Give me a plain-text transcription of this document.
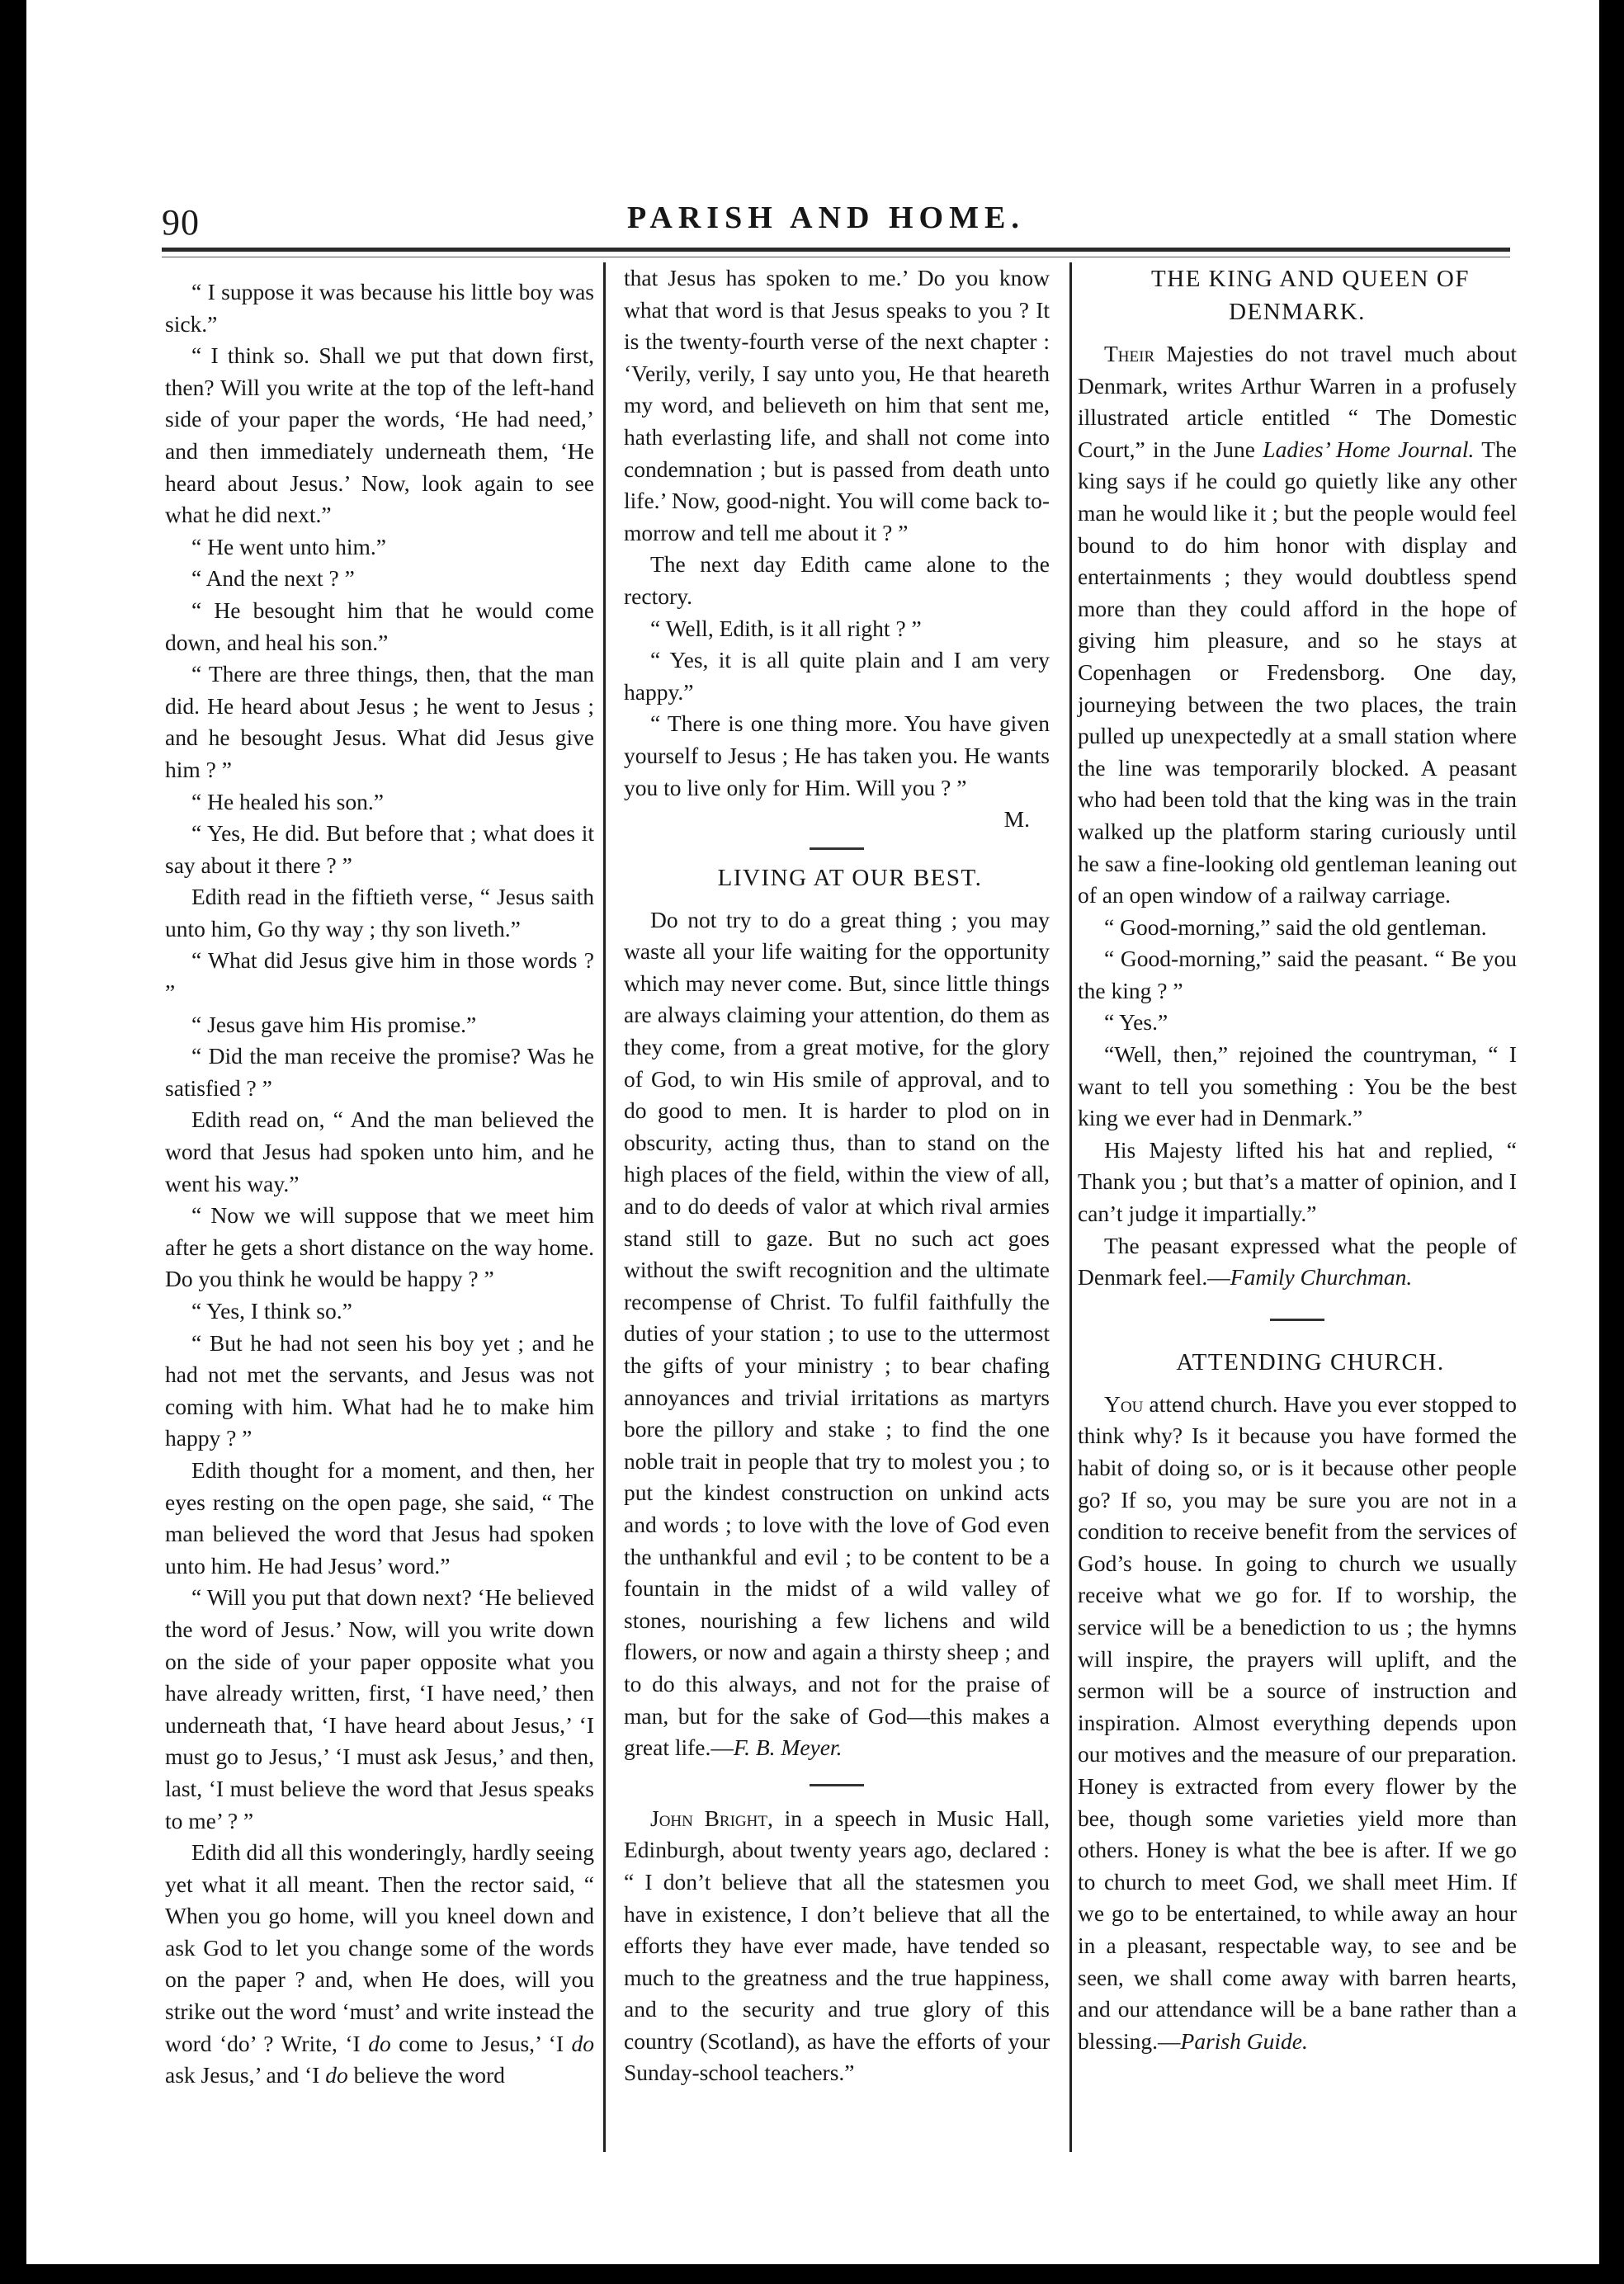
90	PARISH AND HOME.

“ I suppose it was because his little boy was sick.”

“ I think so. Shall we put that down first, then? Will you write at the top of the left-hand side of your paper the words, ‘He had need,’ and then immediately underneath them, ‘He heard about Jesus.’ Now, look again to see what he did next.”

“ He went unto him.”

“ And the next ? ”

“ He besought him that he would come down, and heal his son.”

“ There are three things, then, that the man did. He heard about Jesus ; he went to Jesus ; and he besought Jesus. What did Jesus give him ? ”

“ He healed his son.”

“ Yes, He did. But before that ; what does it say about it there ? ”

Edith read in the fiftieth verse, “ Jesus saith unto him, Go thy way ; thy son liveth.”

“ What did Jesus give him in those words ? ”

“ Jesus gave him His promise.”

“ Did the man receive the promise? Was he satisfied ? ”

Edith read on, “ And the man believed the word that Jesus had spoken unto him, and he went his way.”

“ Now we will suppose that we meet him after he gets a short distance on the way home. Do you think he would be happy ? ”

“ Yes, I think so.”

“ But he had not seen his boy yet ; and he had not met the servants, and Jesus was not coming with him. What had he to make him happy ? ”

Edith thought for a moment, and then, her eyes resting on the open page, she said, “ The man believed the word that Jesus had spoken unto him. He had Jesus’ word.”

“ Will you put that down next? ‘He believed the word of Jesus.’ Now, will you write down on the side of your paper opposite what you have already written, first, ‘I have need,’ then underneath that, ‘I have heard about Jesus,’ ‘I must go to Jesus,’ ‘I must ask Jesus,’ and then, last, ‘I must believe the word that Jesus speaks to me’ ? ”

Edith did all this wonderingly, hardly seeing yet what it all meant. Then the rector said, “ When you go home, will you kneel down and ask God to let you change some of the words on the paper ? and, when He does, will you strike out the word ‘must’ and write instead the word ‘do’ ? Write, ‘I do come to Jesus,’ ‘I do ask Jesus,’ and ‘I do believe the word

that Jesus has spoken to me.’ Do you know what that word is that Jesus speaks to you ? It is the twenty-fourth verse of the next chapter : ‘Verily, verily, I say unto you, He that heareth my word, and believeth on him that sent me, hath everlasting life, and shall not come into condemnation ; but is passed from death unto life.’ Now, good-night. You will come back to-morrow and tell me about it ? ”

The next day Edith came alone to the rectory.

“ Well, Edith, is it all right ? ”

“ Yes, it is all quite plain and I am very happy.”

“ There is one thing more. You have given yourself to Jesus ; He has taken you. He wants you to live only for Him. Will you ? ”

M.

LIVING AT OUR BEST.

Do not try to do a great thing ; you may waste all your life waiting for the opportunity which may never come. But, since little things are always claiming your attention, do them as they come, from a great motive, for the glory of God, to win His smile of approval, and to do good to men. It is harder to plod on in obscurity, acting thus, than to stand on the high places of the field, within the view of all, and to do deeds of valor at which rival armies stand still to gaze. But no such act goes without the swift recognition and the ultimate recompense of Christ. To fulfil faithfully the duties of your station ; to use to the uttermost the gifts of your ministry ; to bear chafing annoyances and trivial irritations as martyrs bore the pillory and stake ; to find the one noble trait in people that try to molest you ; to put the kindest construction on unkind acts and words ; to love with the love of God even the unthankful and evil ; to be content to be a fountain in the midst of a wild valley of stones, nourishing a few lichens and wild flowers, or now and again a thirsty sheep ; and to do this always, and not for the praise of man, but for the sake of God—this makes a great life.—F. B. Meyer.

John Bright, in a speech in Music Hall, Edinburgh, about twenty years ago, declared : “ I don’t believe that all the statesmen you have in existence, I don’t believe that all the efforts they have ever made, have tended so much to the greatness and the true happiness, and to the security and true glory of this country (Scotland), as have the efforts of your Sunday-school teachers.”

THE KING AND QUEEN OF DENMARK.

Their Majesties do not travel much about Denmark, writes Arthur Warren in a profusely illustrated article entitled “ The Domestic Court,” in the June Ladies’ Home Journal. The king says if he could go quietly like any other man he would like it ; but the people would feel bound to do him honor with display and entertainments ; they would doubtless spend more than they could afford in the hope of giving him pleasure, and so he stays at Copenhagen or Fredensborg. One day, journeying between the two places, the train pulled up unexpectedly at a small station where the line was temporarily blocked. A peasant who had been told that the king was in the train walked up the platform staring curiously until he saw a fine-looking old gentleman leaning out of an open window of a railway carriage.

“ Good-morning,” said the old gentleman.

“ Good-morning,” said the peasant. “ Be you the king ? ”

“ Yes.”

“Well, then,” rejoined the countryman, “ I want to tell you something : You be the best king we ever had in Denmark.”

His Majesty lifted his hat and replied, “ Thank you ; but that’s a matter of opinion, and I can’t judge it impartially.”

The peasant expressed what the people of Denmark feel.—Family Churchman.

ATTENDING CHURCH.

You attend church. Have you ever stopped to think why? Is it because you have formed the habit of doing so, or is it because other people go? If so, you may be sure you are not in a condition to receive benefit from the services of God’s house. In going to church we usually receive what we go for. If to worship, the service will be a benediction to us ; the hymns will inspire, the prayers will uplift, and the sermon will be a source of instruction and inspiration. Almost everything depends upon our motives and the measure of our preparation. Honey is extracted from every flower by the bee, though some varieties yield more than others. Honey is what the bee is after. If we go to church to meet God, we shall meet Him. If we go to be entertained, to while away an hour in a pleasant, respectable way, to see and be seen, we shall come away with barren hearts, and our attendance will be a bane rather than a blessing.—Parish Guide.
